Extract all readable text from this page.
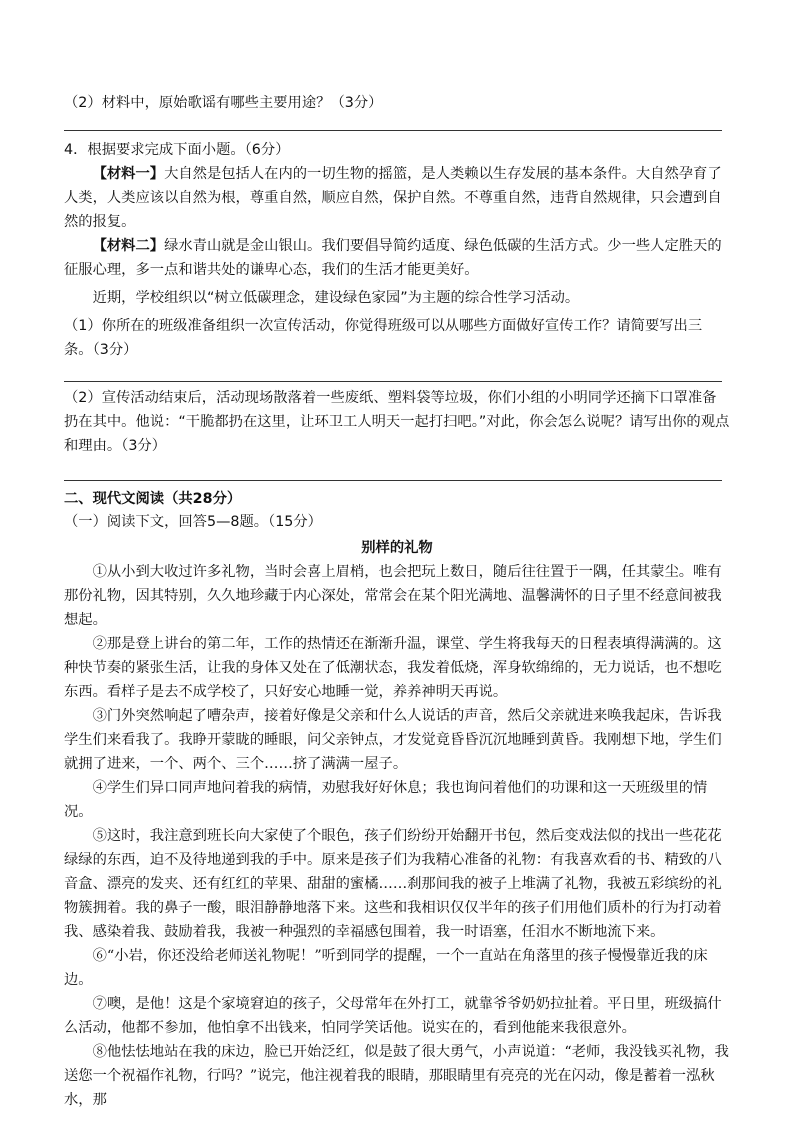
（2）材料中，原始歌谣有哪些主要用途？（3分）

4．根据要求完成下面小题。（6分）

【材料一】大自然是包括人在内的一切生物的摇篮，是人类赖以生存发展的基本条件。大自然孕育了人类，人类应该以自然为根，尊重自然，顺应自然，保护自然。不尊重自然，违背自然规律，只会遭到自然的报复。

【材料二】绿水青山就是金山银山。我们要倡导简约适度、绿色低碳的生活方式。少一些人定胜天的征服心理，多一点和谐共处的谦卑心态，我们的生活才能更美好。

近期，学校组织以“树立低碳理念，建设绿色家园”为主题的综合性学习活动。

（1）你所在的班级准备组织一次宣传活动，你觉得班级可以从哪些方面做好宣传工作？请简要写出三条。（3分）

（2）宣传活动结束后，活动现场散落着一些废纸、塑料袋等垃圾，你们小组的小明同学还摘下口罩准备扔在其中。他说：“干脆都扔在这里，让环卫工人明天一起打扫吧。”对此，你会怎么说呢？请写出你的观点和理由。（3分）

二、现代文阅读（共28分）

（一）阅读下文，回答5—8题。（15分）

别样的礼物

①从小到大收过许多礼物，当时会喜上眉梢，也会把玩上数日，随后往往置于一隅，任其蒙尘。唯有那份礼物，因其特别，久久地珍藏于内心深处，常常会在某个阳光满地、温馨满怀的日子里不经意间被我想起。

②那是登上讲台的第二年，工作的热情还在渐渐升温，课堂、学生将我每天的日程表填得满满的。这种快节奏的紧张生活，让我的身体又处在了低潮状态，我发着低烧，浑身软绵绵的，无力说话，也不想吃东西。看样子是去不成学校了，只好安心地睡一觉，养养神明天再说。

③门外突然响起了嘈杂声，接着好像是父亲和什么人说话的声音，然后父亲就进来唤我起床，告诉我学生们来看我了。我睁开蒙眬的睡眼，问父亲钟点，才发觉竟昏昏沉沉地睡到黄昏。我刚想下地，学生们就拥了进来，一个、两个、三个……挤了满满一屋子。

④学生们异口同声地问着我的病情，劝慰我好好休息；我也询问着他们的功课和这一天班级里的情况。

⑤这时，我注意到班长向大家使了个眼色，孩子们纷纷开始翻开书包，然后变戏法似的找出一些花花绿绿的东西，迫不及待地递到我的手中。原来是孩子们为我精心准备的礼物：有我喜欢看的书、精致的八音盒、漂亮的发夹、还有红红的苹果、甜甜的蜜橘……刹那间我的被子上堆满了礼物，我被五彩缤纷的礼物簇拥着。我的鼻子一酸，眼泪静静地落下来。这些和我相识仅仅半年的孩子们用他们质朴的行为打动着我、感染着我、鼓励着我，我被一种强烈的幸福感包围着，我一时语塞，任泪水不断地流下来。

⑥“小岩，你还没给老师送礼物呢！”听到同学的提醒，一个一直站在角落里的孩子慢慢靠近我的床边。

⑦噢，是他！这是个家境窘迫的孩子，父母常年在外打工，就靠爷爷奶奶拉扯着。平日里，班级搞什么活动，他都不参加，他怕拿不出钱来，怕同学笑话他。说实在的，看到他能来我很意外。

⑧他怯怯地站在我的床边，脸已开始泛红，似是鼓了很大勇气，小声说道：“老师，我没钱买礼物，我送您一个祝福作礼物，行吗？”说完，他注视着我的眼睛，那眼睛里有亮亮的光在闪动，像是蓄着一泓秋水，那
